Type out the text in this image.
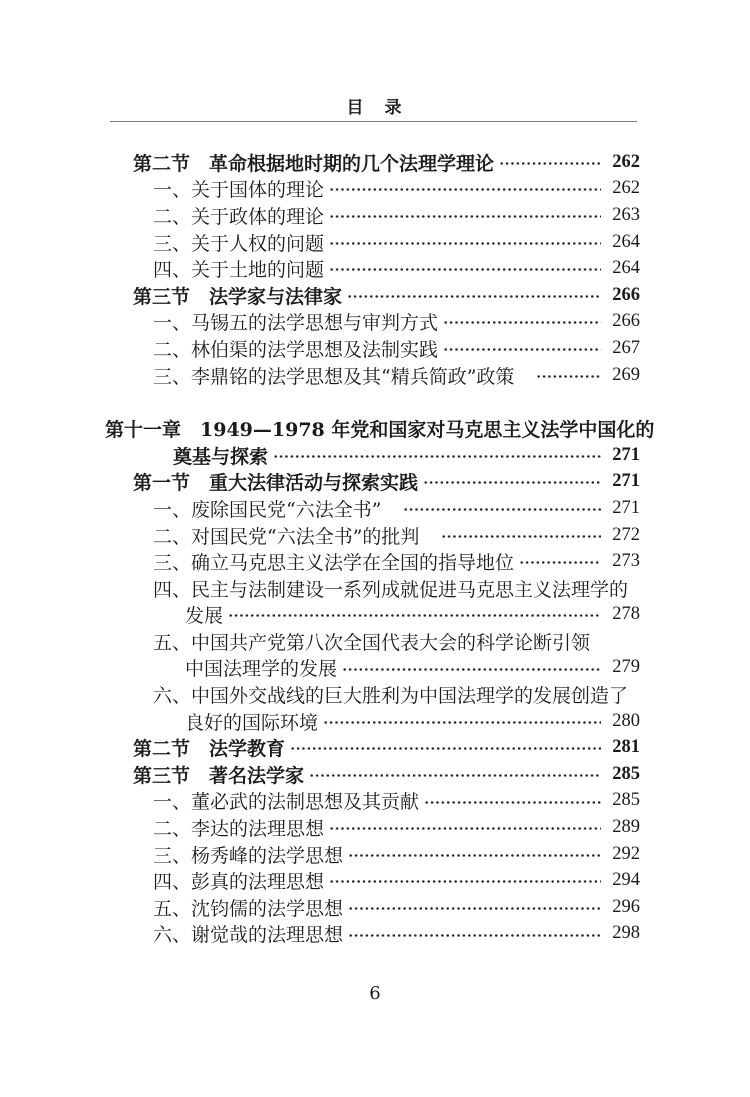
目　录
第二节　革命根据地时期的几个法理学理论	262
一、关于国体的理论	262
二、关于政体的理论	263
三、关于人权的问题	264
四、关于土地的问题	264
第三节　法学家与法律家	266
一、马锡五的法学思想与审判方式	266
二、林伯渠的法学思想及法制实践	267
三、李鼎铭的法学思想及其“精兵简政”政策	269
第十一章　1949—1978 年党和国家对马克思主义法学中国化的
奠基与探索	271
第一节　重大法律活动与探索实践	271
一、废除国民党“六法全书”	271
二、对国民党“六法全书”的批判	272
三、确立马克思主义法学在全国的指导地位	273
四、民主与法制建设一系列成就促进马克思主义法理学的
发展	278
五、中国共产党第八次全国代表大会的科学论断引领
中国法理学的发展	279
六、中国外交战线的巨大胜利为中国法理学的发展创造了
良好的国际环境	280
第二节　法学教育	281
第三节　著名法学家	285
一、董必武的法制思想及其贡献	285
二、李达的法理思想	289
三、杨秀峰的法学思想	292
四、彭真的法理思想	294
五、沈钧儒的法学思想	296
六、谢觉哉的法理思想	298
6
